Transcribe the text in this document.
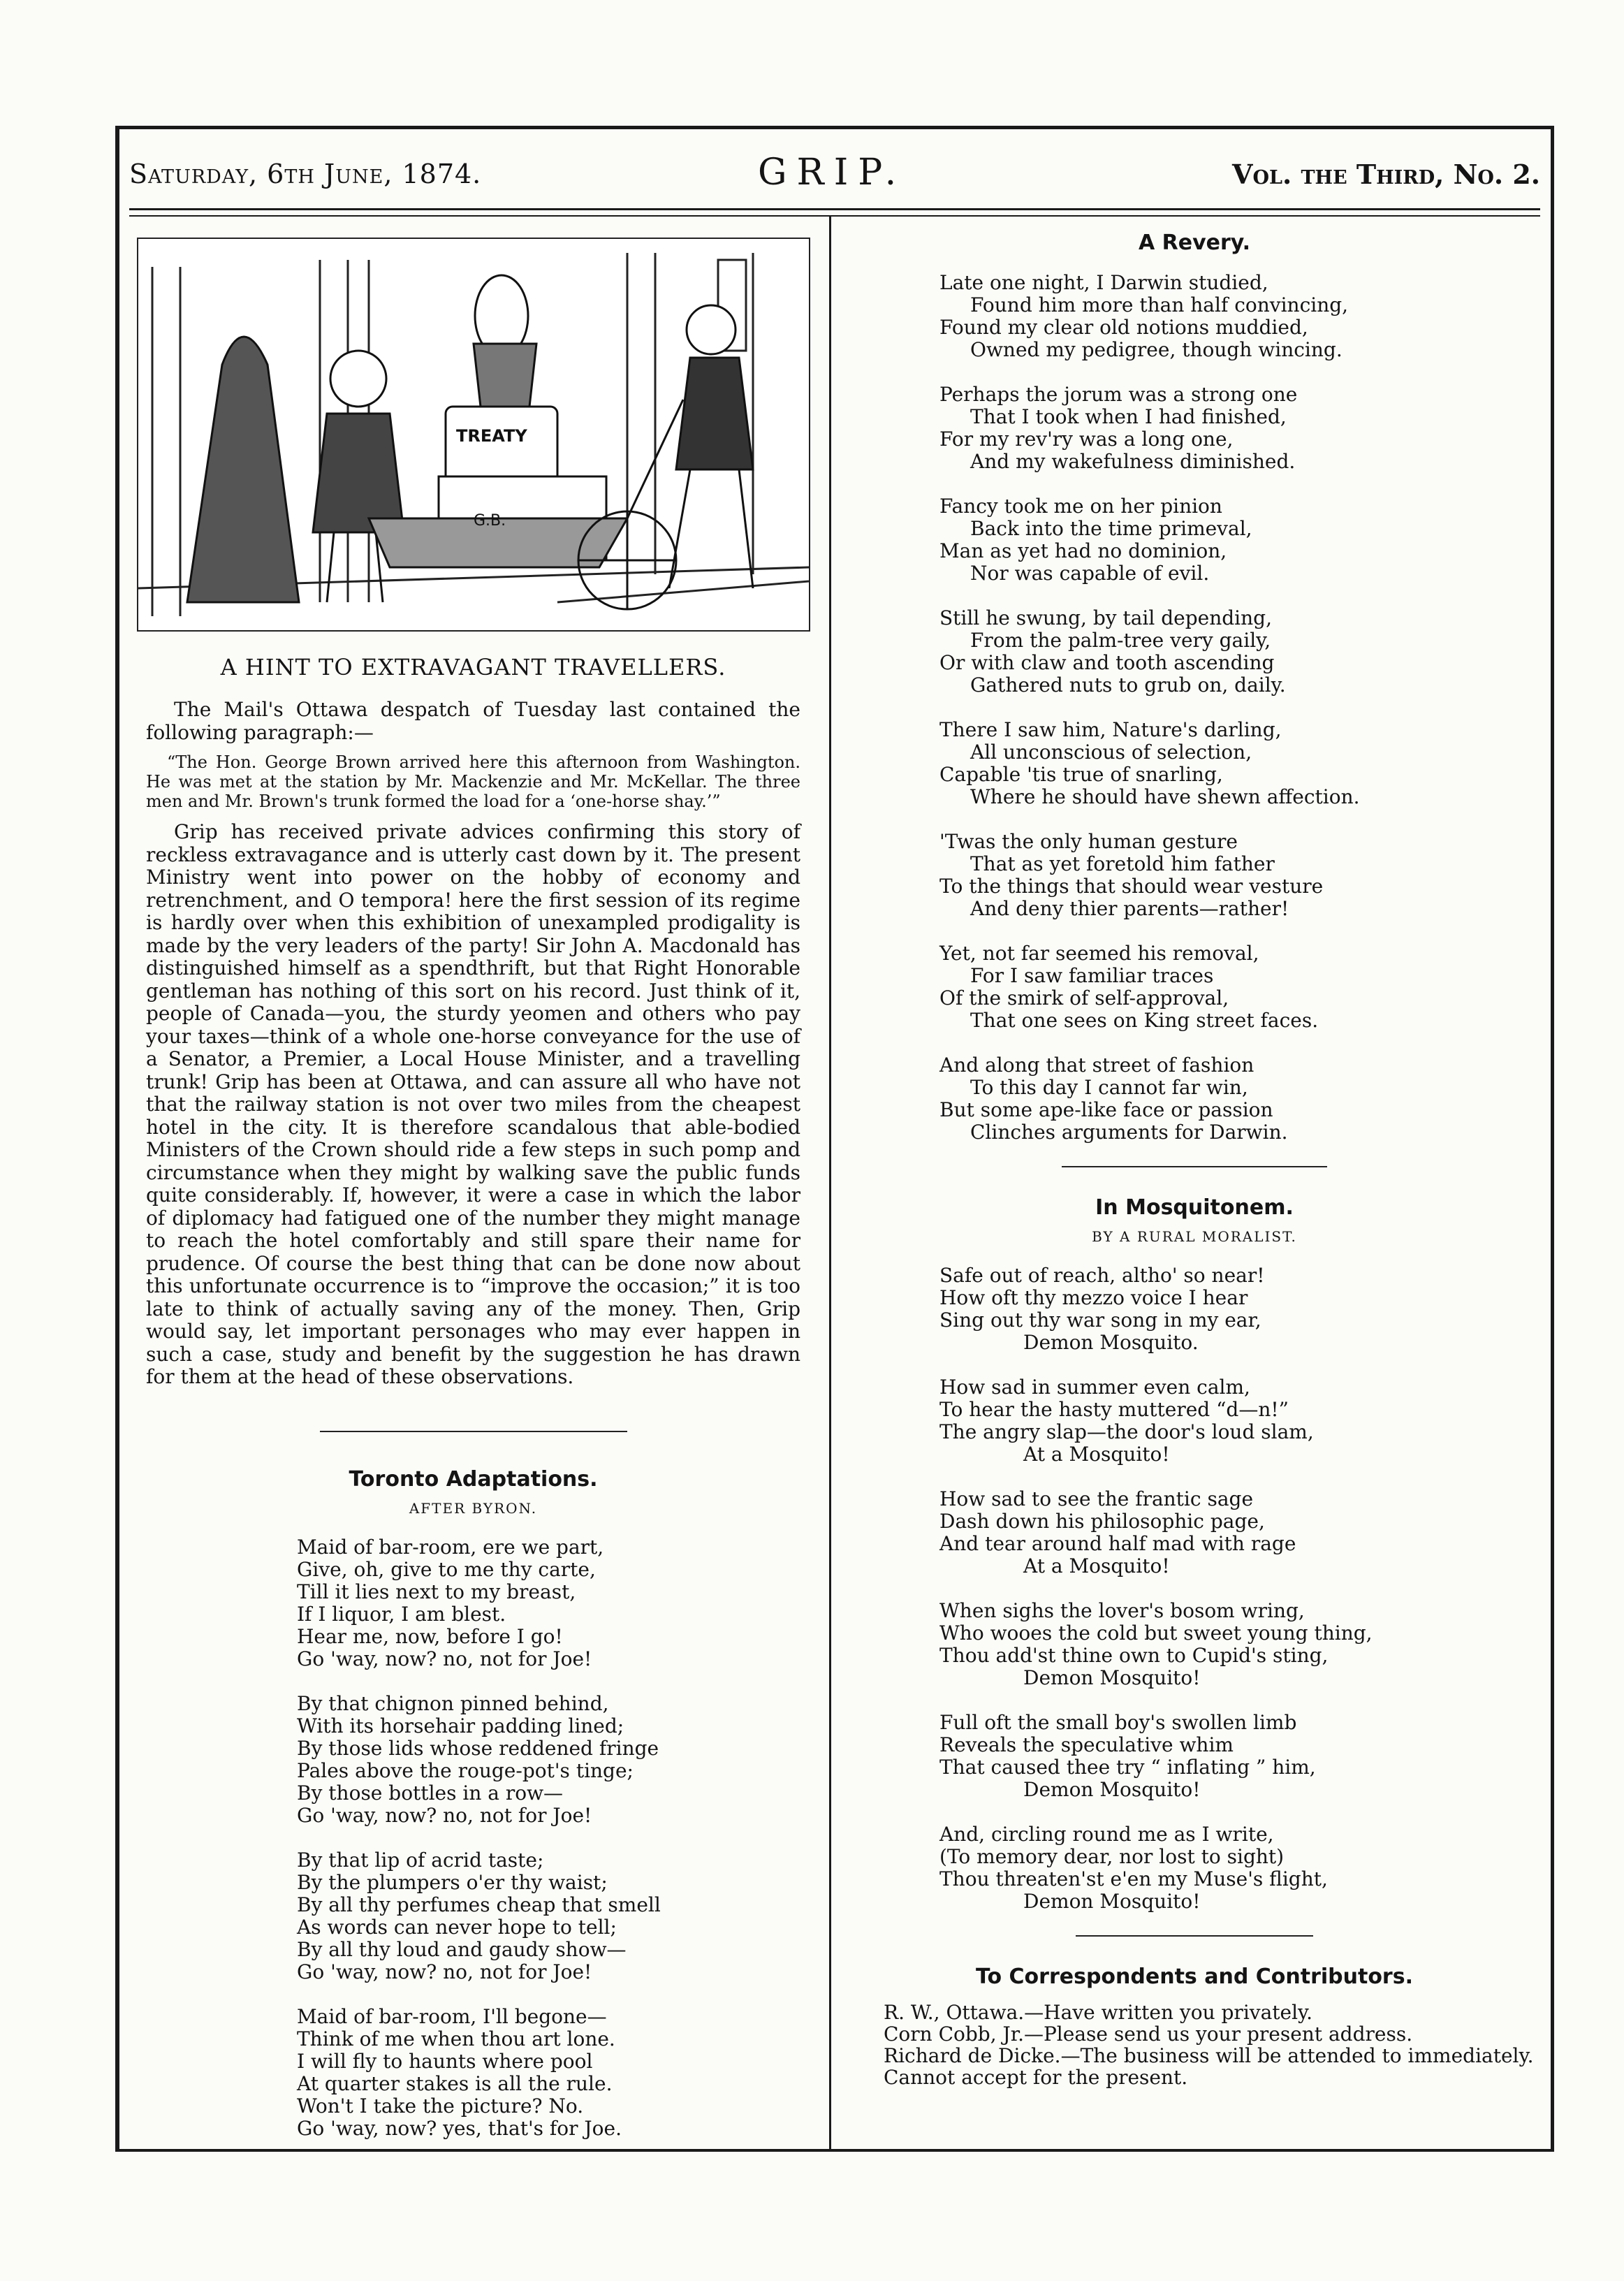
Saturday, 6th June, 1874.	GRIP.	Vol. the Third, No. 2.
TREATY
G.B.
A HINT TO EXTRAVAGANT TRAVELLERS.

The Mail's Ottawa despatch of Tuesday last contained the following paragraph:—

“The Hon. George Brown arrived here this afternoon from Washington. He was met at the station by Mr. Mackenzie and Mr. McKellar. The three men and Mr. Brown's trunk formed the load for a ‘one-horse shay.’”

Grip has received private advices confirming this story of reckless extravagance and is utterly cast down by it. The present Ministry went into power on the hobby of economy and retrenchment, and O tempora! here the first session of its regime is hardly over when this exhibition of unexampled prodigality is made by the very leaders of the party! Sir John A. Macdonald has distinguished himself as a spendthrift, but that Right Honorable gentleman has nothing of this sort on his record. Just think of it, people of Canada—you, the sturdy yeomen and others who pay your taxes—think of a whole one-horse conveyance for the use of a Senator, a Premier, a Local House Minister, and a travelling trunk! Grip has been at Ottawa, and can assure all who have not that the railway station is not over two miles from the cheapest hotel in the city. It is therefore scandalous that able-bodied Ministers of the Crown should ride a few steps in such pomp and circumstance when they might by walking save the public funds quite considerably. If, however, it were a case in which the labor of diplomacy had fatigued one of the number they might manage to reach the hotel comfortably and still spare their name for prudence. Of course the best thing that can be done now about this unfortunate occurrence is to “improve the occasion;” it is too late to think of actually saving any of the money. Then, Grip would say, let important personages who may ever happen in such a case, study and benefit by the suggestion he has drawn for them at the head of these observations.

Toronto Adaptations.
AFTER BYRON.
Maid of bar-room, ere we part,
Give, oh, give to me thy carte,
Till it lies next to my breast,
If I liquor, I am blest.
Hear me, now, before I go!
Go 'way, now? no, not for Joe!
By that chignon pinned behind,
With its horsehair padding lined;
By those lids whose reddened fringe
Pales above the rouge-pot's tinge;
By those bottles in a row—
Go 'way, now? no, not for Joe!
By that lip of acrid taste;
By the plumpers o'er thy waist;
By all thy perfumes cheap that smell
As words can never hope to tell;
By all thy loud and gaudy show—
Go 'way, now? no, not for Joe!
Maid of bar-room, I'll begone—
Think of me when thou art lone.
I will fly to haunts where pool
At quarter stakes is all the rule.
Won't I take the picture? No.
Go 'way, now? yes, that's for Joe.
A Revery.
Late one night, I Darwin studied,
Found him more than half convincing,
Found my clear old notions muddied,
Owned my pedigree, though wincing.
Perhaps the jorum was a strong one
That I took when I had finished,
For my rev'ry was a long one,
And my wakefulness diminished.
Fancy took me on her pinion
Back into the time primeval,
Man as yet had no dominion,
Nor was capable of evil.
Still he swung, by tail depending,
From the palm-tree very gaily,
Or with claw and tooth ascending
Gathered nuts to grub on, daily.
There I saw him, Nature's darling,
All unconscious of selection,
Capable 'tis true of snarling,
Where he should have shewn affection.
'Twas the only human gesture
That as yet foretold him father
To the things that should wear vesture
And deny thier parents—rather!
Yet, not far seemed his removal,
For I saw familiar traces
Of the smirk of self-approval,
That one sees on King street faces.
And along that street of fashion
To this day I cannot far win,
But some ape-like face or passion
Clinches arguments for Darwin.
In Mosquitonem.
BY A RURAL MORALIST.
Safe out of reach, altho' so near!
How oft thy mezzo voice I hear
Sing out thy war song in my ear,
Demon Mosquito.
How sad in summer even calm,
To hear the hasty muttered “d—n!”
The angry slap—the door's loud slam,
At a Mosquito!
How sad to see the frantic sage
Dash down his philosophic page,
And tear around half mad with rage
At a Mosquito!
When sighs the lover's bosom wring,
Who wooes the cold but sweet young thing,
Thou add'st thine own to Cupid's sting,
Demon Mosquito!
Full oft the small boy's swollen limb
Reveals the speculative whim
That caused thee try “ inflating ” him,
Demon Mosquito!
And, circling round me as I write,
(To memory dear, nor lost to sight)
Thou threaten'st e'en my Muse's flight,
Demon Mosquito!
To Correspondents and Contributors.
R. W., Ottawa.—Have written you privately.
Corn Cobb, Jr.—Please send us your present address.
Richard de Dicke.—The business will be attended to immediately.
Cannot accept for the present.
